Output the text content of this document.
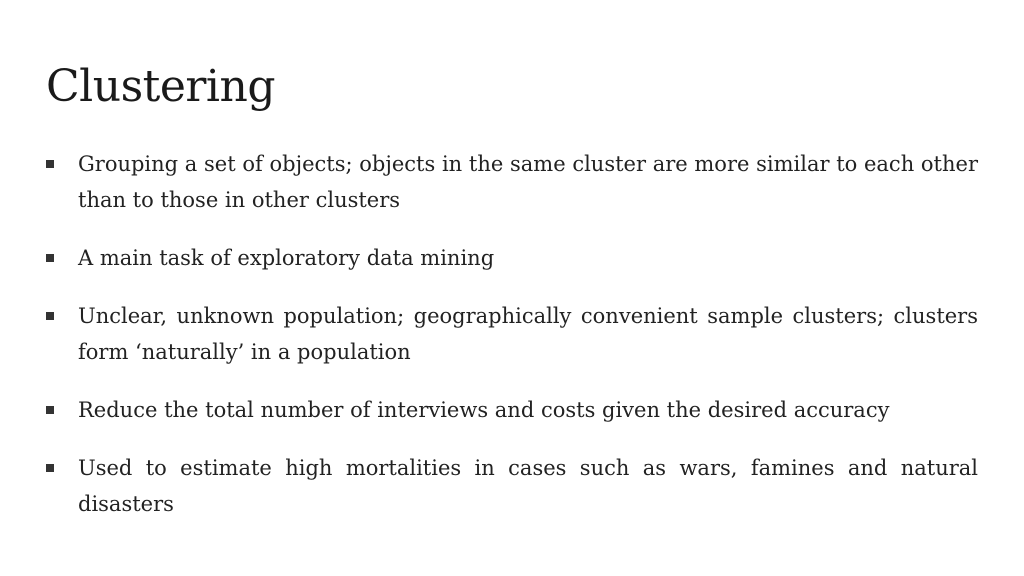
Clustering
Grouping a set of objects; objects in the same cluster are more similar to each other than to those in other clusters
A main task of exploratory data mining
Unclear, unknown population; geographically convenient sample clusters; clusters form ‘naturally’ in a population
Reduce the total number of interviews and costs given the desired accuracy
Used to estimate high mortalities in cases such as wars, famines and natural disasters
